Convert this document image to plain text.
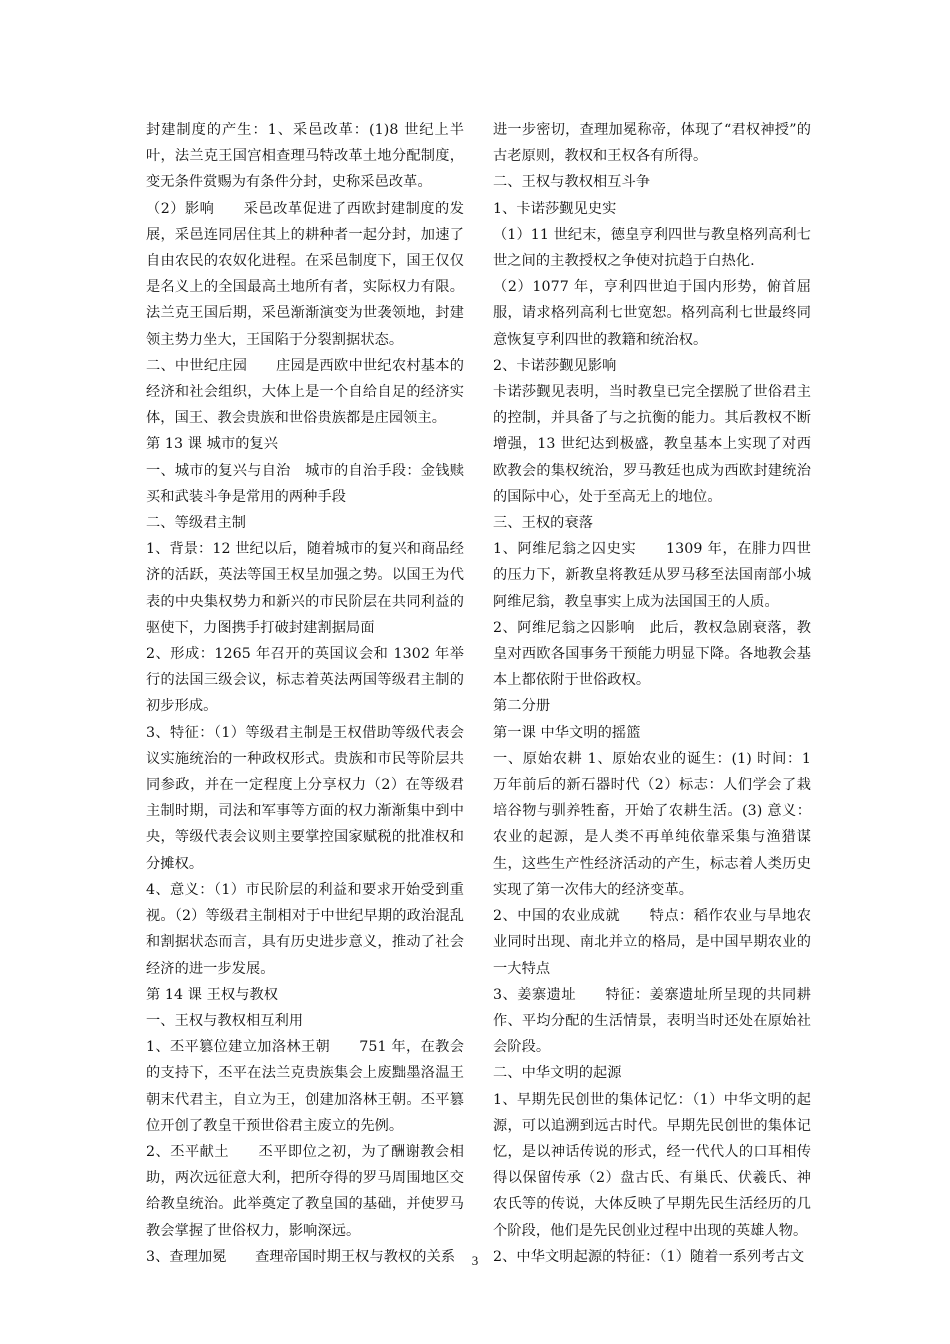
封建制度的产生：1、采邑改革：(1)8 世纪上半叶，法兰克王国宫相查理马特改革土地分配制度，变无条件赏赐为有条件分封，史称采邑改革。

（2）影响　　采邑改革促进了西欧封建制度的发展，采邑连同居住其上的耕种者一起分封，加速了自由农民的农奴化进程。在采邑制度下，国王仅仅是名义上的全国最高土地所有者，实际权力有限。法兰克王国后期，采邑渐渐演变为世袭领地，封建领主势力坐大，王国陷于分裂割据状态。

二、中世纪庄园　　庄园是西欧中世纪农村基本的经济和社会组织，大体上是一个自给自足的经济实体，国王、教会贵族和世俗贵族都是庄园领主。

第 13 课 城市的复兴

一、城市的复兴与自治　城市的自治手段：金钱赎买和武装斗争是常用的两种手段

二、等级君主制

1、背景：12 世纪以后，随着城市的复兴和商品经济的活跃，英法等国王权呈加强之势。以国王为代表的中央集权势力和新兴的市民阶层在共同利益的驱使下，力图携手打破封建割据局面

2、形成：1265 年召开的英国议会和 1302 年举行的法国三级会议，标志着英法两国等级君主制的初步形成。

3、特征：（1）等级君主制是王权借助等级代表会议实施统治的一种政权形式。贵族和市民等阶层共同参政，并在一定程度上分享权力（2）在等级君主制时期，司法和军事等方面的权力渐渐集中到中央，等级代表会议则主要掌控国家赋税的批准权和分摊权。

4、意义：（1）市民阶层的利益和要求开始受到重视。（2）等级君主制相对于中世纪早期的政治混乱和割据状态而言，具有历史进步意义，推动了社会经济的进一步发展。

第 14 课 王权与教权

一、王权与教权相互利用

1、丕平篡位建立加洛林王朝　　751 年，在教会的支持下，丕平在法兰克贵族集会上废黜墨洛温王朝末代君主，自立为王，创建加洛林王朝。丕平篡位开创了教皇干预世俗君主废立的先例。

2、丕平献土　　丕平即位之初，为了酬谢教会相助，两次远征意大利，把所夺得的罗马周围地区交给教皇统治。此举奠定了教皇国的基础，并使罗马教会掌握了世俗权力，影响深远。

3、查理加冕　　查理帝国时期王权与教权的关系

进一步密切，查理加冕称帝，体现了“君权神授”的古老原则，教权和王权各有所得。

二、王权与教权相互斗争

1、卡诺莎觐见史实

（1）11 世纪末，德皇亨利四世与教皇格列高利七世之间的主教授权之争使对抗趋于白热化.

（2）1077 年，亨利四世迫于国内形势，俯首屈服，请求格列高利七世宽恕。格列高利七世最终同意恢复亨利四世的教籍和统治权。

2、卡诺莎觐见影响

卡诺莎觐见表明，当时教皇已完全摆脱了世俗君主的控制，并具备了与之抗衡的能力。其后教权不断增强，13 世纪达到极盛，教皇基本上实现了对西欧教会的集权统治，罗马教廷也成为西欧封建统治的国际中心，处于至高无上的地位。

三、王权的衰落

1、阿维尼翁之囚史实　　1309 年，在腓力四世的压力下，新教皇将教廷从罗马移至法国南部小城阿维尼翁，教皇事实上成为法国国王的人质。

2、阿维尼翁之囚影响　此后，教权急剧衰落，教皇对西欧各国事务干预能力明显下降。各地教会基本上都依附于世俗政权。

第二分册

第一课 中华文明的摇篮

一、原始农耕 1、原始农业的诞生：(1) 时间：1万年前后的新石器时代（2）标志：人们学会了栽培谷物与驯养牲畜，开始了农耕生活。(3) 意义：农业的起源，是人类不再单纯依靠采集与渔猎谋生，这些生产性经济活动的产生，标志着人类历史实现了第一次伟大的经济变革。

2、中国的农业成就　　特点：稻作农业与旱地农业同时出现、南北并立的格局，是中国早期农业的一大特点

3、姜寨遗址　　特征：姜寨遗址所呈现的共同耕作、平均分配的生活情景，表明当时还处在原始社会阶段。

二、中华文明的起源

1、早期先民创世的集体记忆：（1）中华文明的起源，可以追溯到远古时代。早期先民创世的集体记忆，是以神话传说的形式，经一代代人的口耳相传得以保留传承（2）盘古氏、有巢氏、伏羲氏、神农氏等的传说，大体反映了早期先民生活经历的几个阶段，他们是先民创业过程中出现的英雄人物。

2、中华文明起源的特征：（1）随着一系列考古文

3
